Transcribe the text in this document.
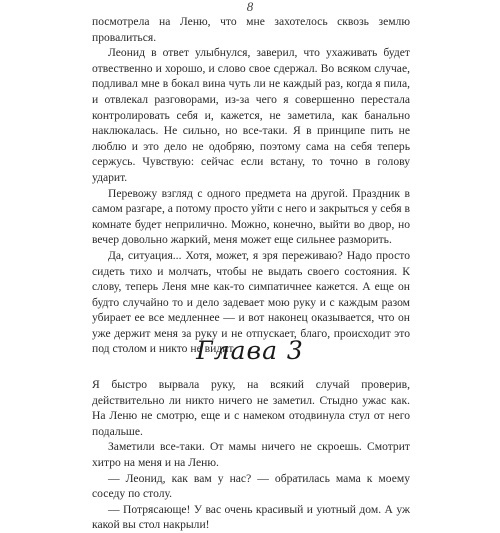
8

посмотрела на Леню, что мне захотелось сквозь землю провалиться.

Леонид в ответ улыбнулся, заверил, что ухаживать будет отвественно и хорошо, и слово свое сдержал. Во всяком случае, подливал мне в бокал вина чуть ли не каждый раз, когда я пила, и отвлекал разговорами, из-за чего я совершенно перестала контролировать себя и, кажется, не заметила, как банально наклюкалась. Не сильно, но все-таки. Я в принципе пить не люблю и это дело не одобряю, поэтому сама на себя теперь сержусь. Чувствую: сейчас если встану, то точно в голову ударит.

Перевожу взгляд с одного предмета на другой. Праздник в самом разгаре, а потому просто уйти с него и закрыться у себя в комнате будет неприлично. Можно, конечно, выйти во двор, но вечер довольно жаркий, меня может еще сильнее разморить.

Да, ситуация... Хотя, может, я зря переживаю? Надо просто сидеть тихо и молчать, чтобы не выдать своего состояния. К слову, теперь Леня мне как-то симпатичнее кажется. А еще он будто случайно то и дело задевает мою руку и с каждым разом убирает ее все медленнее — и вот наконец оказывается, что он уже держит меня за руку и не отпускает, благо, происходит это под столом и никто не видит.

Глава 3

Я быстро вырвала руку, на всякий случай проверив, действительно ли никто ничего не заметил. Стыдно ужас как. На Леню не смотрю, еще и с намеком отодвинула стул от него подальше.

Заметили все-таки. От мамы ничего не скроешь. Смотрит хитро на меня и на Леню.

— Леонид, как вам у нас? — обратилась мама к моему соседу по столу.

— Потрясающе! У вас очень красивый и уютный дом. А уж какой вы стол накрыли!
